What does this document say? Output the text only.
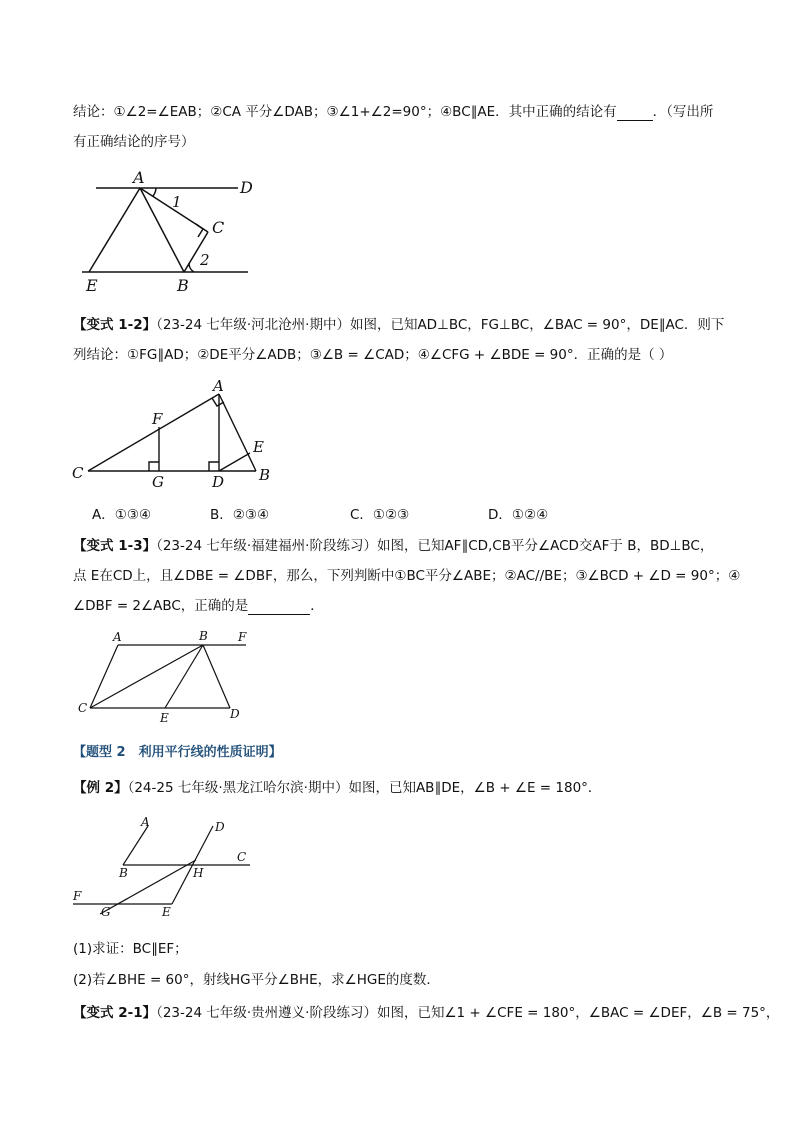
结论：①∠2=∠EAB；②CA 平分∠DAB；③∠1+∠2=90°；④BC∥AE．其中正确的结论有	．（写出所
有正确结论的序号）
A
D
1
C
2
E	B
【变式 1-2】（23-24 七年级·河北沧州·期中）如图，已知AD⊥BC，FG⊥BC，∠BAC = 90°，DE∥AC．则下
列结论：①FG∥AD；②DE平分∠ADB；③∠B = ∠CAD；④∠CFG + ∠BDE = 90°．正确的是（ ）
A
F
E
C	G	D B
A．①③④	B．②③④	C．①②③	D．①②④
【变式 1-3】（23-24 七年级·福建福州·阶段练习）如图，已知AF∥CD,CB平分∠ACD交AF于 B，BD⊥BC，
点 E在CD上，且∠DBE = ∠DBF，那么，下列判断中①BC平分∠ABE；②AC//BE；③∠BCD + ∠D = 90°；④
∠DBF = 2∠ABC，正确的是	．
A	B	F
C
E	D
【题型 2　利用平行线的性质证明】
【例 2】（24-25 七年级·黑龙江哈尔滨·期中）如图，已知AB∥DE，∠B + ∠E = 180°．
A	D
C
B	H
F
G	E
(1)求证：BC∥EF；
(2)若∠BHE = 60°，射线HG平分∠BHE，求∠HGE的度数．
【变式 2-1】（23-24 七年级·贵州遵义·阶段练习）如图，已知∠1 + ∠CFE = 180°，∠BAC = ∠DEF，∠B = 75°，
